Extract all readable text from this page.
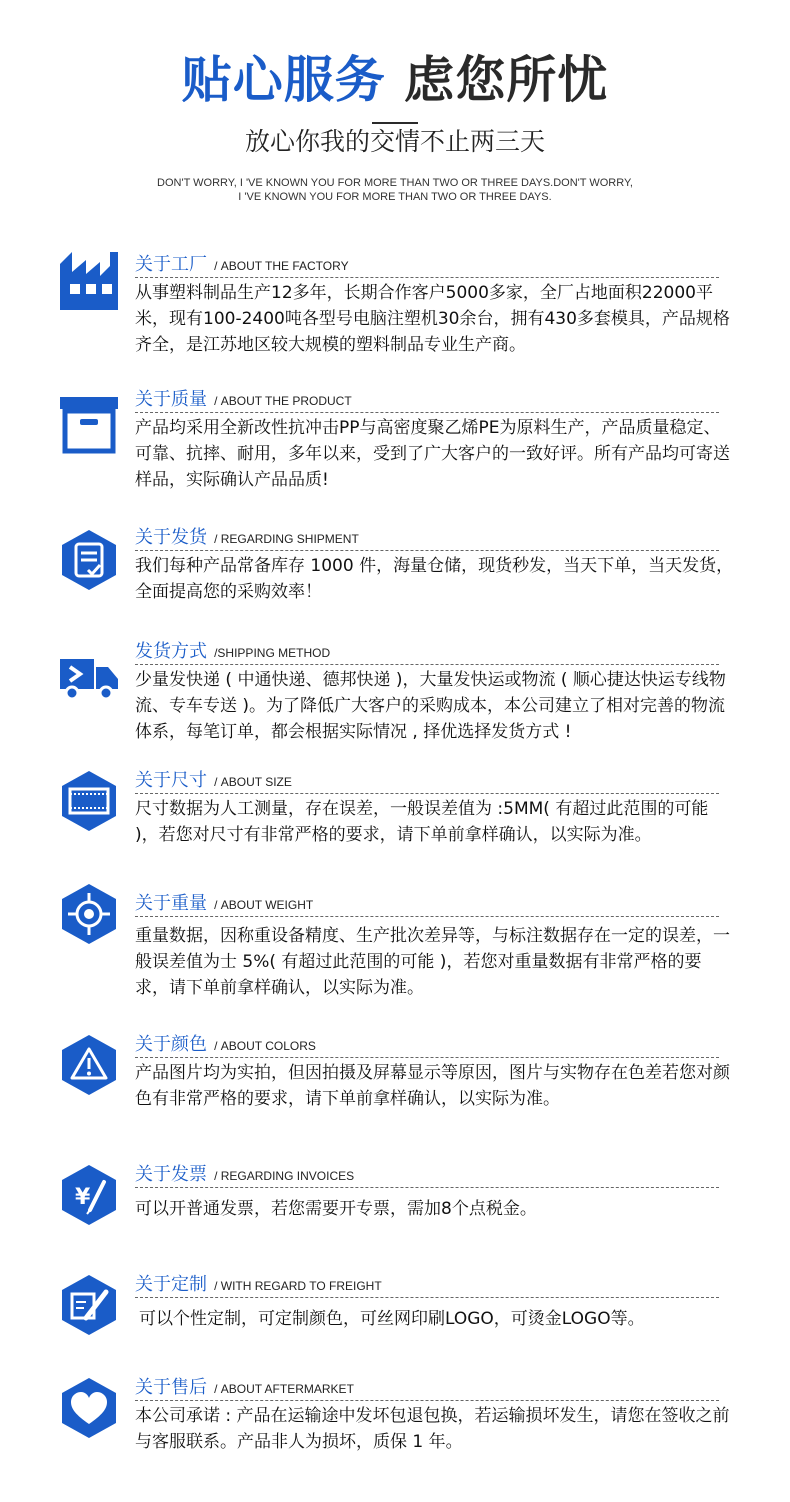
贴心服务 虑您所忧
放心你我的交情不止两三天
DON'T WORRY, I 'VE KNOWN YOU FOR MORE THAN TWO OR THREE DAYS.DON'T WORRY,
I 'VE KNOWN YOU FOR MORE THAN TWO OR THREE DAYS.
关于工厂 / ABOUT THE FACTORY
从事塑料制品生产12多年，长期合作客户5000多家，全厂占地面积22000平米，现有100-2400吨各型号电脑注塑机30余台，拥有430多套模具，产品规格齐全，是江苏地区较大规模的塑料制品专业生产商。
关于质量 / ABOUT THE PRODUCT
产品均采用全新改性抗冲击PP与高密度聚乙烯PE为原料生产，产品质量稳定、可靠、抗摔、耐用，多年以来，受到了广大客户的一致好评。所有产品均可寄送样品，实际确认产品品质!
关于发货 / REGARDING SHIPMENT
我们每种产品常备库存 1000 件，海量仓储，现货秒发，当天下单，当天发货，全面提高您的采购效率！
发货方式 /SHIPPING METHOD
少量发快递 ( 中通快递、德邦快递 )，大量发快运或物流 ( 顺心捷达快运专线物流、专车专送 )。为了降低广大客户的采购成本，本公司建立了相对完善的物流体系，每笔订单，都会根据实际情况 , 择优选择发货方式 !
关于尺寸 / ABOUT SIZE
尺寸数据为人工测量，存在误差，一般误差值为 :5MM( 有超过此范围的可能 )，若您对尺寸有非常严格的要求，请下单前拿样确认，以实际为准。
关于重量 / ABOUT WEIGHT
重量数据，因称重设备精度、生产批次差异等，与标注数据存在一定的误差，一般误差值为士 5%( 有超过此范围的可能 )，若您对重量数据有非常严格的要求，请下单前拿样确认，以实际为准。
关于颜色 / ABOUT COLORS
产品图片均为实拍，但因拍摄及屏幕显示等原因，图片与实物存在色差若您对颜色有非常严格的要求，请下单前拿样确认，以实际为准。
¥
关于发票 / REGARDING INVOICES
可以开普通发票，若您需要开专票，需加8个点税金。
关于定制 / WITH REGARD TO FREIGHT
可以个性定制，可定制颜色，可丝网印刷LOGO，可烫金LOGO等。
关于售后 / ABOUT AFTERMARKET
本公司承诺 : 产品在运输途中发坏包退包换，若运输损坏发生，请您在签收之前与客服联系。产品非人为损坏，质保 1 年。
